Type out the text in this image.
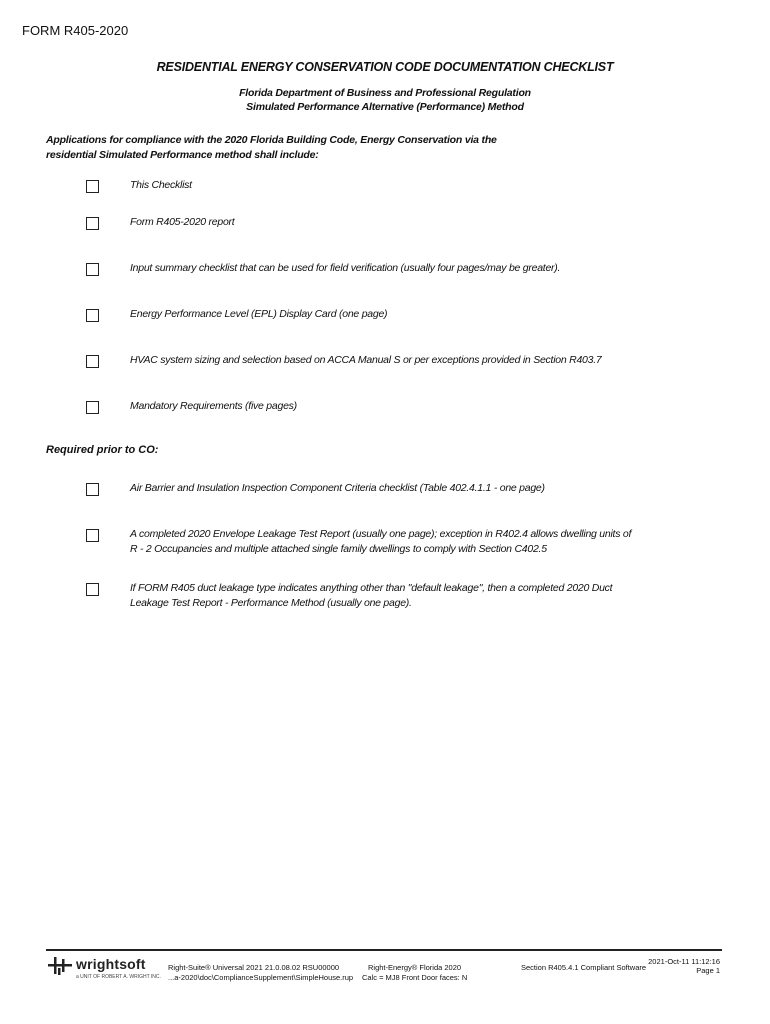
FORM R405-2020
RESIDENTIAL ENERGY CONSERVATION CODE DOCUMENTATION CHECKLIST
Florida Department of Business and Professional Regulation
Simulated Performance Alternative (Performance) Method
Applications for compliance with the 2020 Florida Building Code, Energy Conservation via the
residential Simulated Performance method shall include:
This Checklist
Form R405-2020 report
Input summary checklist that can be used for field verification (usually four pages/may be greater).
Energy Performance Level (EPL) Display Card (one page)
HVAC system sizing and selection based on ACCA Manual S or per exceptions provided in Section R403.7
Mandatory Requirements (five pages)
Required prior to CO:
Air Barrier and Insulation Inspection Component Criteria checklist (Table 402.4.1.1 - one page)
A completed 2020 Envelope Leakage Test Report (usually one page); exception in R402.4 allows dwelling units of
R - 2 Occupancies and multiple attached single family dwellings to comply with Section C402.5
If FORM R405 duct leakage type indicates anything other than "default leakage", then a completed 2020 Duct
Leakage Test Report - Performance Method (usually one page).
wrightsoft
a UNIT OF ROBERT A. WRIGHT INC.
Right-Suite® Universal 2021 21.0.08.02 RSU00000
...a-2020\doc\ComplianceSupplement\SimpleHouse.rup
Right-Energy® Florida 2020
Calc = MJ8 Front Door faces: N
Section R405.4.1 Compliant Software
2021-Oct-11 11:12:16
Page 1
